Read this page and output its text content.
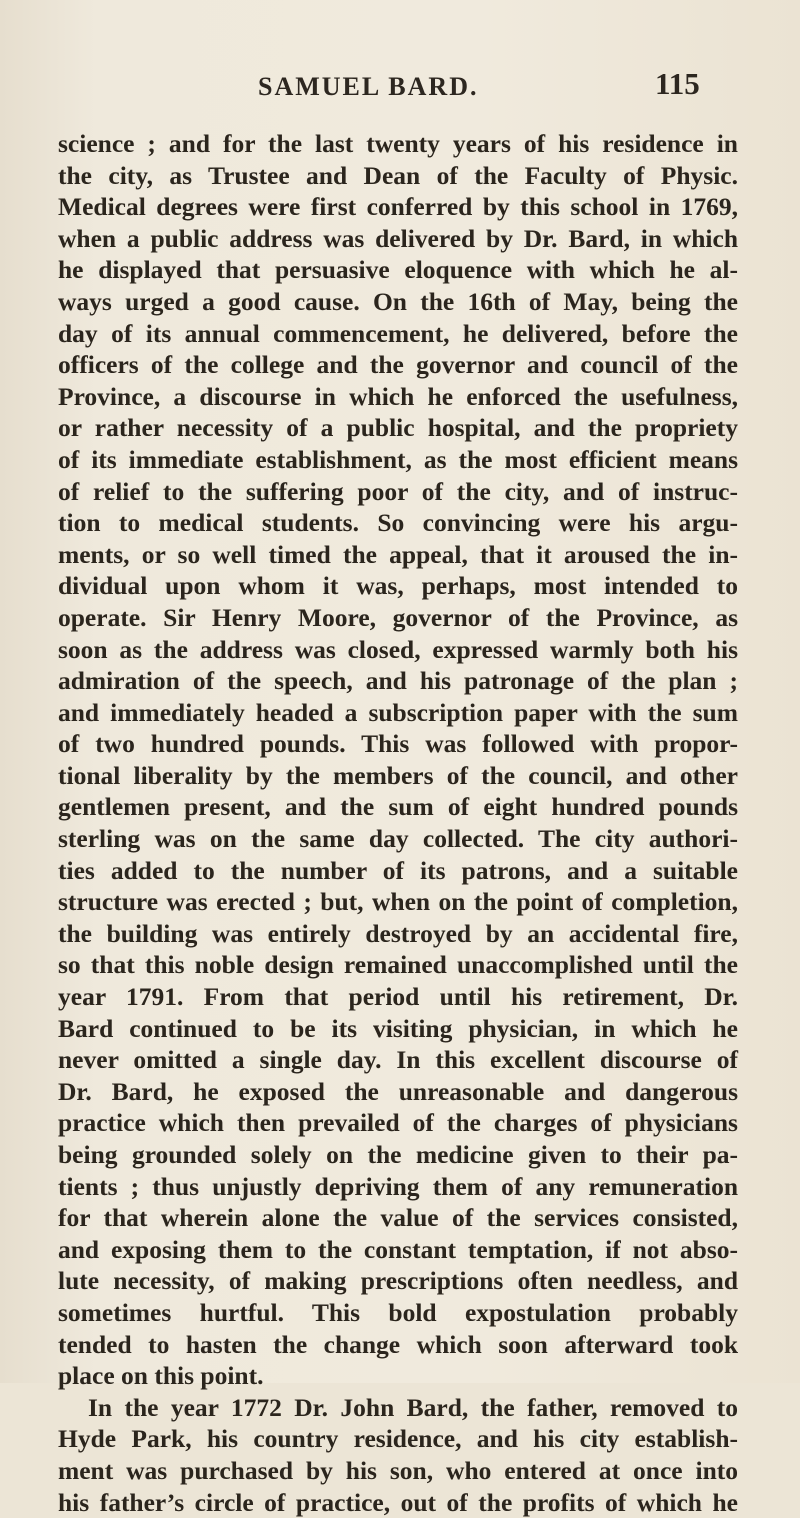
SAMUEL BARD.	115
science ; and for the last twenty years of his residence in
the city, as Trustee and Dean of the Faculty of Physic.
Medical degrees were first conferred by this school in 1769,
when a public address was delivered by Dr. Bard, in which
he displayed that persuasive eloquence with which he al-
ways urged a good cause. On the 16th of May, being the
day of its annual commencement, he delivered, before the
officers of the college and the governor and council of the
Province, a discourse in which he enforced the usefulness,
or rather necessity of a public hospital, and the propriety
of its immediate establishment, as the most efficient means
of relief to the suffering poor of the city, and of instruc-
tion to medical students. So convincing were his argu-
ments, or so well timed the appeal, that it aroused the in-
dividual upon whom it was, perhaps, most intended to
operate. Sir Henry Moore, governor of the Province, as
soon as the address was closed, expressed warmly both his
admiration of the speech, and his patronage of the plan ;
and immediately headed a subscription paper with the sum
of two hundred pounds. This was followed with propor-
tional liberality by the members of the council, and other
gentlemen present, and the sum of eight hundred pounds
sterling was on the same day collected. The city authori-
ties added to the number of its patrons, and a suitable
structure was erected ; but, when on the point of completion,
the building was entirely destroyed by an accidental fire,
so that this noble design remained unaccomplished until the
year 1791. From that period until his retirement, Dr.
Bard continued to be its visiting physician, in which he
never omitted a single day. In this excellent discourse of
Dr. Bard, he exposed the unreasonable and dangerous
practice which then prevailed of the charges of physicians
being grounded solely on the medicine given to their pa-
tients ; thus unjustly depriving them of any remuneration
for that wherein alone the value of the services consisted,
and exposing them to the constant temptation, if not abso-
lute necessity, of making prescriptions often needless, and
sometimes hurtful. This bold expostulation probably
tended to hasten the change which soon afterward took
place on this point.
In the year 1772 Dr. John Bard, the father, removed to
Hyde Park, his country residence, and his city establish-
ment was purchased by his son, who entered at once into
his father’s circle of practice, out of the profits of which he
